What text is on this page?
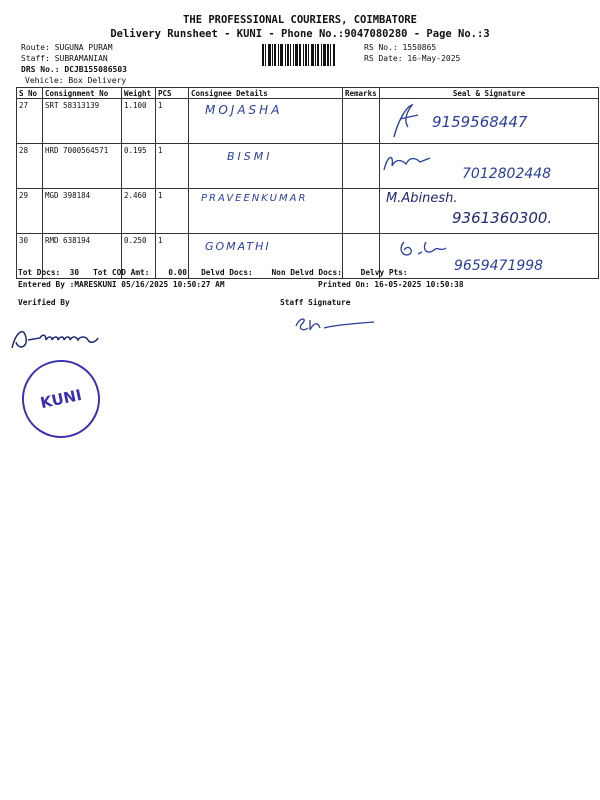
THE PROFESSIONAL COURIERS, COIMBATORE
Delivery Runsheet - KUNI - Phone No.:9047080280 - Page No.:3
Route: SUGUNA PURAM
Staff: SUBRAMANIAN
DRS No.: DCJB155086503
Vehicle: Box Delivery
RS No.: 1550865
RS Date: 16-May-2025
S No	Consignment No	Weight	PCS	Consignee Details	Remarks	Seal & Signature
27	SRT 58313139	1.100	1	MOJASHA		9159568447

28	HRD 7000564571	0.195	1	BISMI		7012802448

29	MGD 398184	2.460	1	PRAVEENKUMAR		M.Abinesh.
9361360300.

30	RMD 638194	0.250	1	GOMATHI		9659471998
Tot Docs:  30   Tot COD Amt:    0.00   Delvd Docs:    Non Delvd Docs:    Delvy Pts:
Entered By :MARESKUNI 05/16/2025 10:50:27 AM	Printed On: 16-05-2025 10:50:38
Verified By	Staff Signature
KUNI
